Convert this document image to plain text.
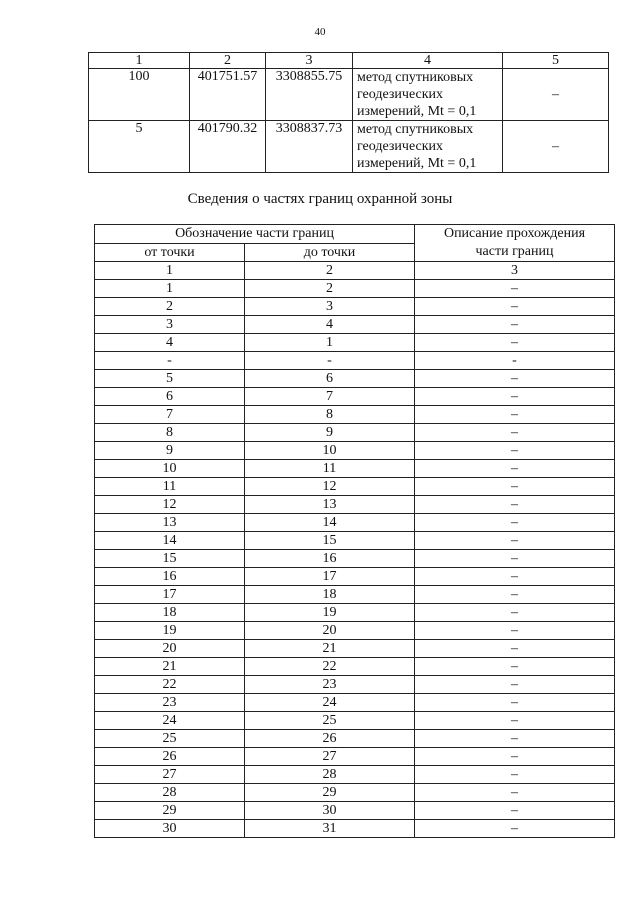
40
1	2	3	4	5
100	401751.57	3308855.75	метод спутниковых
геодезических
измерений, Mt = 0,1	–
5	401790.32	3308837.73	метод спутниковых
геодезических
измерений, Mt = 0,1	–
Сведения о частях границ охранной зоны
Обозначение части границ		Описание прохождения
части границ

от точки	до точки	
1	2	3
1	2	–
2	3	–
3	4	–
4	1	–
-	-	-
5	6	–
6	7	–
7	8	–
8	9	–
9	10	–
10	11	–
11	12	–
12	13	–
13	14	–
14	15	–
15	16	–
16	17	–
17	18	–
18	19	–
19	20	–
20	21	–
21	22	–
22	23	–
23	24	–
24	25	–
25	26	–
26	27	–
27	28	–
28	29	–
29	30	–
30	31	–
